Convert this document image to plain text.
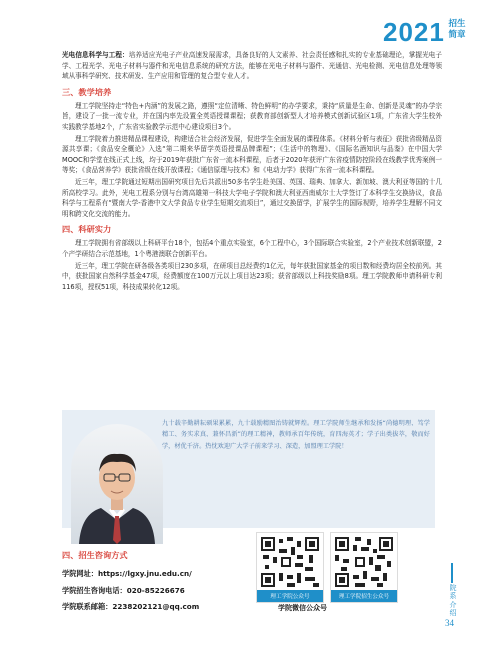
2021 招生简章

光电信息科学与工程：培养适应光电子产业高速发展需求，具备良好的人文素养、社会责任感和扎实的专业基础理论，掌握光电子学、工程光学、光电子材料与器件和光电信息系统的研究方法，能够在光电子材料与器件、光通信、光电检测、光电信息处理等领域从事科学研究、技术研发、生产应用和管理的复合型专业人才。

三、教学培养

理工学院坚持走“特色+内涵”的发展之路，遵照“定位清晰、特色鲜明”的办学要求，秉持“质量是生命、创新是灵魂”的办学宗旨，建设了一批一流专业，并在国内率先设置全英语授课课程；获教育部创新型人才培养模式创新试验区1项，广东省大学生校外实践教学基地2个，广东省实验教学示范中心建设项目3个。

理工学院着力推进精品课程建设，构建适合社会经济发展，促进学生全面发展的课程体系。《材料分析与表征》获批省级精品资源共享课；《食品安全概论》入选“第二期来华留学英语授课品牌课程”；《生活中的物理》、《国际名酒知识与品鉴》在中国大学MOOC和学堂在线正式上线，均于2019年获批广东省一流本科课程，后者于2020年获评广东省疫情防控阶段在线教学优秀案例一等奖；《食品营养学》获批省级在线开放课程；《通信原理与技术》和《电动力学》获得广东省一流本科课程。

近三年，理工学院通过短期出国研究项目先后共派出50多名学生赴美国、英国、瑞典、加拿大、新加坡、澳大利亚等国的十几所高校学习。此外，光电工程系分别与台湾高雄第一科技大学电子学院和澳大利亚西南威尔士大学签订了本科学生交换协议，食品科学与工程系有“暨南大学-香港中文大学食品专业学生短期交流项目”，通过交换留学，扩展学生的国际视野，培养学生理解不同文明和跨文化交流的能力。

四、科研实力

理工学院拥有省部级以上科研平台18个，包括4个重点实验室，6个工程中心，3个国际联合实验室，2个产业技术创新联盟，2个产学研结合示范基地，1个粤港澳联合创新平台。

近三年，理工学院在研各级各类项目230多项，在研项目总经费约1亿元，每年获批国家基金的项目数和经费均居全校前列。其中，获批国家自然科学基金47项，经费额度在100万元以上项目达23项；获省部级以上科技奖励8项。理工学院教师申请科研专利116项，授权51项，科技成果转化12项。

九十载辛勤耕耘硕果累累，九十载励精图治铸就辉煌。理工学院师生继承和发扬“尚德明理、笃学精工、务实求真、兼怀昌新”的理工精神，教师承百年传统，育四海英才；学子出类拔萃，敬而好学，材优千济。热忱欢迎广大学子前来学习、深造，加盟理工学院！
四、招生咨询方式
学院网址：https://lgxy.jnu.edu.cn/
学院招生咨询电话：020-85226676
学院联系邮箱：2238202121@qq.com
理工学院公众号	理工学院招生公众号
学院微信公众号
院系介绍
34
